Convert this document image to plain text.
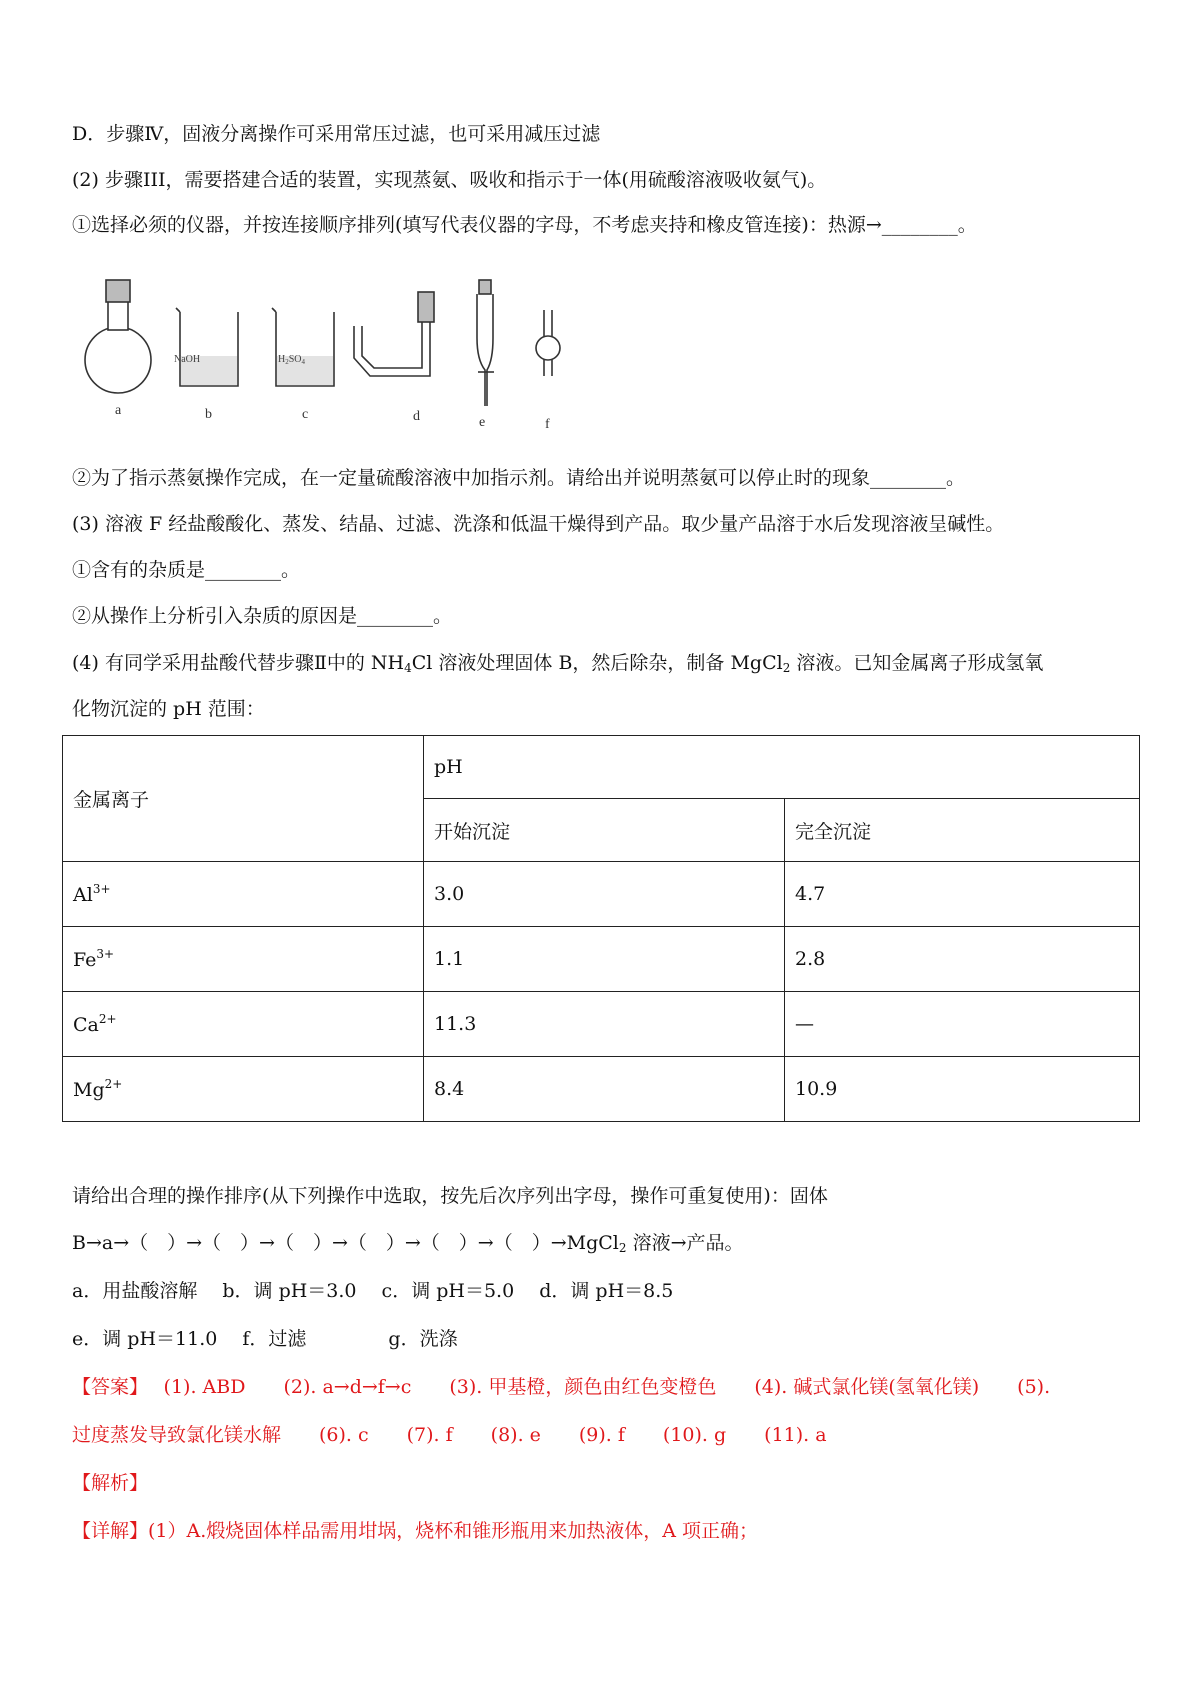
D．步骤Ⅳ，固液分离操作可采用常压过滤，也可采用减压过滤
(2) 步骤III，需要搭建合适的装置，实现蒸氨、吸收和指示于一体(用硫酸溶液吸收氨气)。
①选择必须的仪器，并按连接顺序排列(填写代表仪器的字母，不考虑夹持和橡皮管连接)：热源→________。
NaOH	$H_2SO_4$
a	b	c	d	e	f
②为了指示蒸氨操作完成，在一定量硫酸溶液中加指示剂。请给出并说明蒸氨可以停止时的现象________。
(3) 溶液 F 经盐酸酸化、蒸发、结晶、过滤、洗涤和低温干燥得到产品。取少量产品溶于水后发现溶液呈碱性。
①含有的杂质是________。
②从操作上分析引入杂质的原因是________。
(4) 有同学采用盐酸代替步骤Ⅱ中的 $NH_4Cl$ 溶液处理固体 B，然后除杂，制备 MgCl$_2$ 溶液。已知金属离子形成氢氧
化物沉淀的 pH 范围：
金属离子	pH	
	开始沉淀	完全沉淀
$Al^{3+}$	3.0	4.7
$Fe^{3+}$	1.1	2.8
$Ca^{2+}$	11.3	—
$Mg^{2+}$	8.4	10.9
请给出合理的操作排序(从下列操作中选取，按先后次序列出字母，操作可重复使用)：固体
B→a→（　）→（　）→（　）→（　）→（　）→（　）→MgCl$_2$ 溶液→产品。
a．用盐酸溶解　 b．调 pH＝3.0　 c．调 pH＝5.0　 d．调 pH＝8.5
e．调 pH＝11.0　 f．过滤　　　　 g．洗涤
【答案】　 (1). ABD　　(2). a→d→f→c　　(3). 甲基橙，颜色由红色变橙色　　(4). 碱式氯化镁(氢氧化镁)　　(5).
过度蒸发导致氯化镁水解　　(6). c　　(7). f　　(8). e　　(9). f　　(10). g　　(11). a
【解析】
【详解】(1）A.煅烧固体样品需用坩埚，烧杯和锥形瓶用来加热液体，A 项正确；
